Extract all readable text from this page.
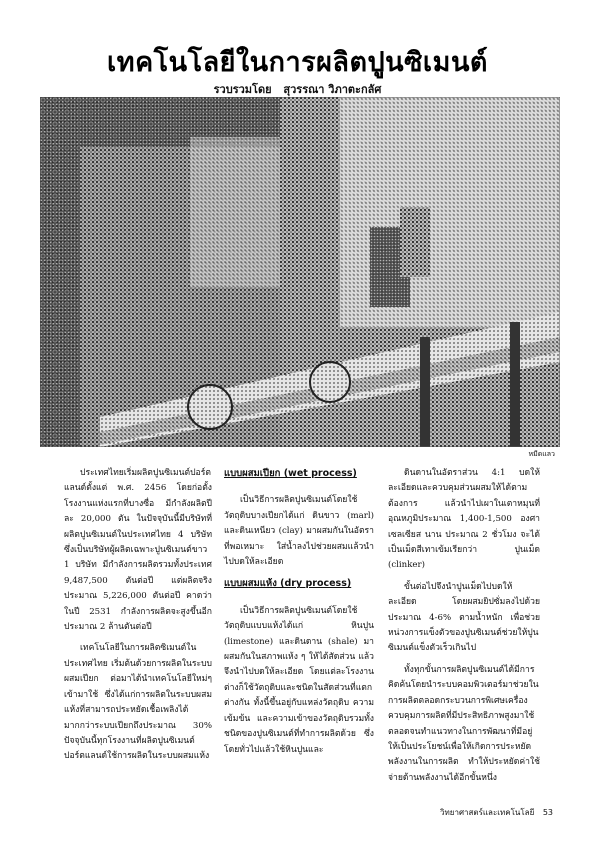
เทคโนโลยีในการผลิตปูนซิเมนต์
รวบรวมโดย สุวรรณา วิภาตะกลัศ
หมีดแลว

ประเทศไทยเริ่มผลิตปูนซิเมนต์ปอร์ตแลนด์ตั้งแต่ พ.ศ. 2456 โดยก่อตั้งโรงงานแห่งแรกที่บางซื่อ มีกำลังผลิตปีละ 20,000 ตัน ในปัจจุบันนี้มีบริษัทที่ผลิตปูนซิเมนต์ในประเทศไทย 4 บริษัท ซึ่งเป็นบริษัทผู้ผลิตเฉพาะปูนซิเมนต์ขาว 1 บริษัท มีกำลังการผลิตรวมทั้งประเทศ 9,487,500 ตันต่อปี แต่ผลิตจริงประมาณ 5,226,000 ตันต่อปี คาดว่าในปี 2531 กำลังการผลิตจะสูงขึ้นอีกประมาณ 2 ล้านตันต่อปี

เทคโนโลยีในการผลิตซิเมนต์ในประเทศไทย เริ่มต้นด้วยการผลิตในระบบผสมเปียก ต่อมาได้นำเทคโนโลยีใหม่ๆ เข้ามาใช้ ซึ่งได้แก่การผลิตในระบบผสมแห้งที่สามารถประหยัดเชื้อเพลิงได้มากกว่าระบบเปียกถึงประมาณ 30% ปัจจุบันนี้ทุกโรงงานที่ผลิตปูนซิเมนต์ปอร์ตแลนด์ใช้การผลิตในระบบผสมแห้ง

แบบผสมเปียก (wet process)

เป็นวิธีการผลิตปูนซิเมนต์โดยใช้วัตถุดิบบางเปียกได้แก่ ดินขาว (marl) และดินเหนียว (clay) มาผสมกันในอัตราที่พอเหมาะ ใส่น้ำลงไปช่วยผสมแล้วนำไปบดให้ละเอียด

แบบผสมแห้ง (dry process)

เป็นวิธีการผลิตปูนซิเมนต์โดยใช้วัตถุดิบแบบแห้งได้แก่ หินปูน (limestone) และดินดาน (shale) มาผสมกันในสภาพแห้ง ๆ ให้ได้สัดส่วน แล้วจึงนำไปบดให้ละเอียด โดยแต่ละโรงงานต่างก็ใช้วัตถุดิบและชนิดในสัดส่วนที่แตกต่างกัน ทั้งนี้ขึ้นอยู่กับแหล่งวัตถุดิบ ความเข้มข้น และความเข้าของวัตถุดิบรวมทั้งชนิดของปูนซิเมนต์ที่ทำการผลิตด้วย ซึ่งโดยทั่วไปแล้วใช้หินปูนและ

ดินดานในอัตราส่วน 4:1 บดให้ละเอียดและควบคุมส่วนผสมให้ได้ตามต้องการ แล้วนำไปเผาในเตาหมุนที่อุณหภูมิประมาณ 1,400-1,500 องศาเซลเซียส นาน ประมาณ 2 ชั่วโมง จะได้เป็นเม็ดสีเทาเข้มเรียกว่า ปูนเม็ด (clinker)

ขั้นต่อไปจึงนำปูนเม็ดไปบดให้ละเอียด โดยผสมยิปซั่มลงไปด้วยประมาณ 4-6% ตามน้ำหนัก เพื่อช่วยหน่วงการแข็งตัวของปูนซิเมนต์ช่วยให้ปูนซิเมนต์แข็งตัวเร็วเกินไป

ทั้งทุกขั้นการผลิตปูนซิเมนต์ได้มีการคิดค้นโดยนำระบบคอมพิวเตอร์มาช่วยในการผลิตตลอดกระบวนการพิเศษเครื่องควบคุมการผลิตที่มีประสิทธิภาพสูงมาใช้ ตลอดจนทำแนวทางในการพัฒนาที่มีอยู่ให้เป็นประโยชน์เพื่อให้เกิดการประหยัดพลังงานในการผลิต ทำให้ประหยัดค่าใช้จ่ายด้านพลังงานได้อีกขั้นหนึ่ง

วิทยาศาสตร์และเทคโนโลยี 53
